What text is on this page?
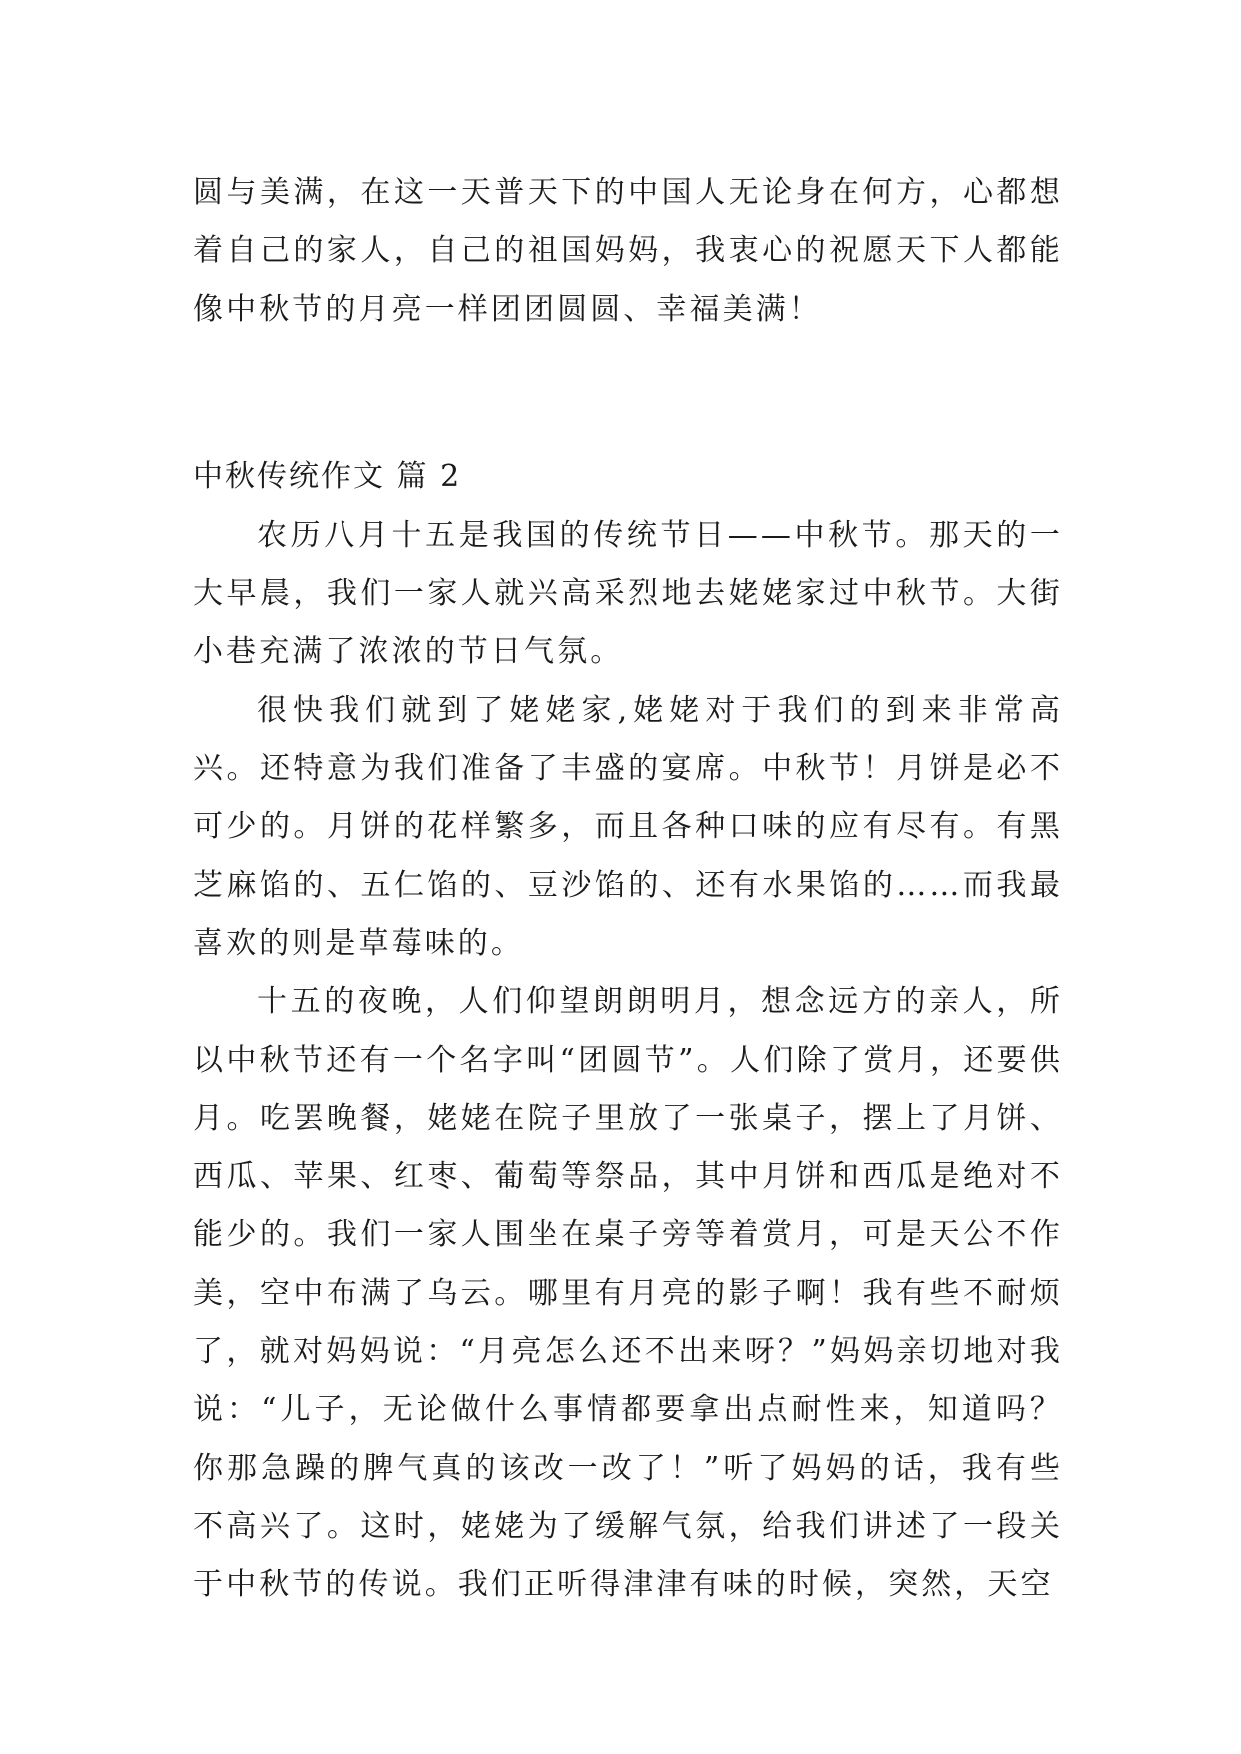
圆与美满，在这一天普天下的中国人无论身在何方，心都想着自己的家人，自己的祖国妈妈，我衷心的祝愿天下人都能像中秋节的月亮一样团团圆圆、幸福美满！

中秋传统作文 篇 2

农历八月十五是我国的传统节日——中秋节。那天的一大早晨，我们一家人就兴高采烈地去姥姥家过中秋节。大街小巷充满了浓浓的节日气氛。

很快我们就到了姥姥家,姥姥对于我们的到来非常高兴。还特意为我们准备了丰盛的宴席。中秋节！月饼是必不可少的。月饼的花样繁多，而且各种口味的应有尽有。有黑芝麻馅的、五仁馅的、豆沙馅的、还有水果馅的……而我最喜欢的则是草莓味的。

十五的夜晚，人们仰望朗朗明月，想念远方的亲人，所以中秋节还有一个名字叫“团圆节”。人们除了赏月，还要供月。吃罢晚餐，姥姥在院子里放了一张桌子，摆上了月饼、西瓜、苹果、红枣、葡萄等祭品，其中月饼和西瓜是绝对不能少的。我们一家人围坐在桌子旁等着赏月，可是天公不作美，空中布满了乌云。哪里有月亮的影子啊！我有些不耐烦了，就对妈妈说：“月亮怎么还不出来呀？”妈妈亲切地对我说：“儿子，无论做什么事情都要拿出点耐性来，知道吗？你那急躁的脾气真的该改一改了！”听了妈妈的话，我有些不高兴了。这时，姥姥为了缓解气氛，给我们讲述了一段关于中秋节的传说。我们正听得津津有味的时候，突然，天空
